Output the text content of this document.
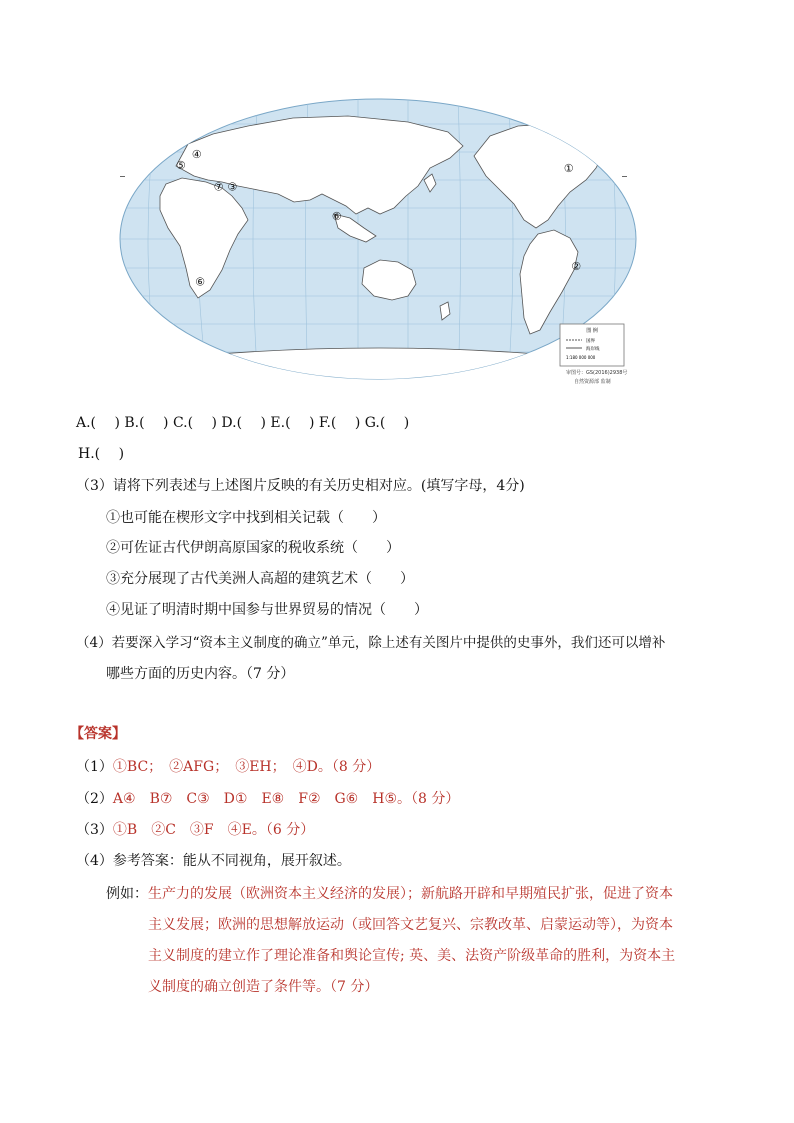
①
②
③
④
⑤
⑥
⑥
⑦
图 例
国界
海岸线
1:180 000 000
审图号：GS(2016)2938号
自然资源部 监制
A.(　 ) B.(　 ) C.(　 ) D.(　 ) E.(　 ) F.(　 ) G.(　 )
H.(　 )
（3）请将下列表述与上述图片反映的有关历史相对应。(填写字母，4分)
①也可能在楔形文字中找到相关记载（　　）
②可佐证古代伊朗高原国家的税收系统（　　）
③充分展现了古代美洲人高超的建筑艺术（　　）
④见证了明清时期中国参与世界贸易的情况（　　）
（4）若要深入学习“资本主义制度的确立”单元，除上述有关图片中提供的史事外，我们还可以增补
哪些方面的历史内容。（7 分）
【答案】
（1）①BC；　②AFG；　③EH；　④D。（8 分）
（2）A④　B⑦　C③　D①　E⑧　F②　G⑥　H⑤。（8 分）
（3）①B　②C　③F　④E。（6 分）
（4）参考答案：能从不同视角，展开叙述。
例如：生产力的发展（欧洲资本主义经济的发展）；新航路开辟和早期殖民扩张，促进了资本
主义发展；欧洲的思想解放运动（或回答文艺复兴、宗教改革、启蒙运动等），为资本
主义制度的建立作了理论准备和舆论宣传; 英、美、法资产阶级革命的胜利，为资本主
义制度的确立创造了条件等。（7 分）
